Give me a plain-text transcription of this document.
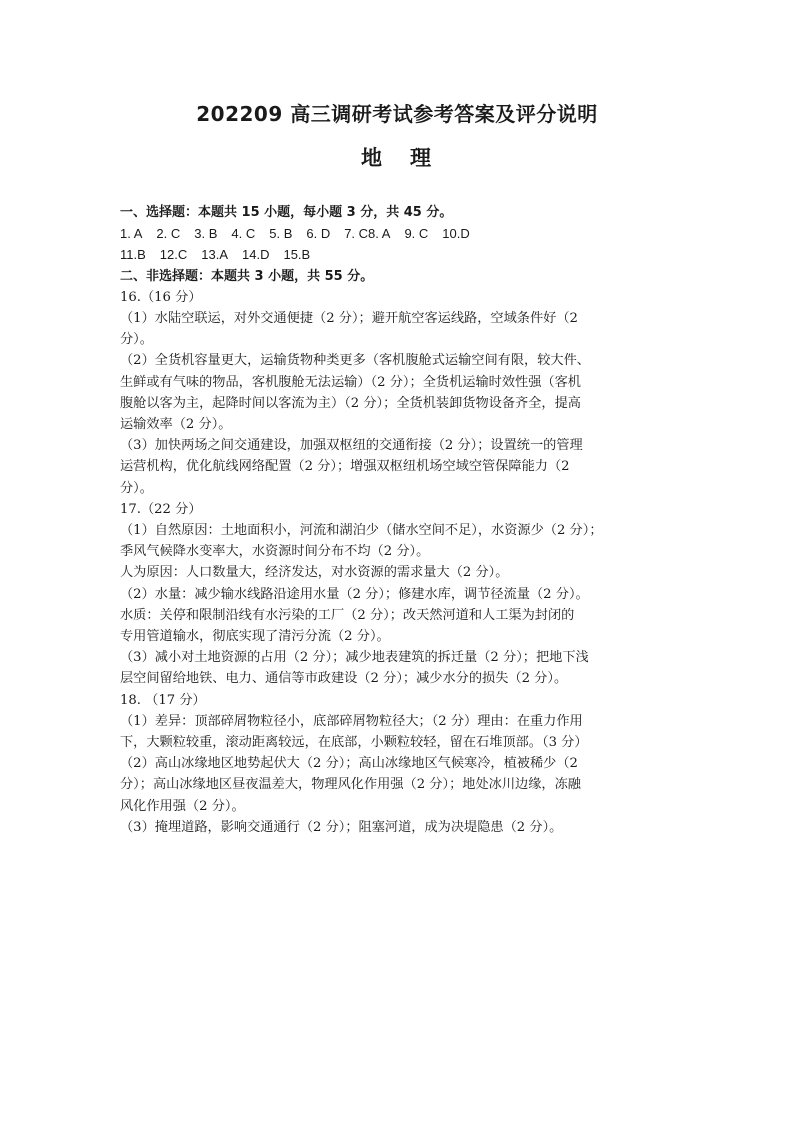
202209 高三调研考试参考答案及评分说明
地 理
一、选择题：本题共 15 小题，每小题 3 分，共 45 分。
1. A 2. C 3. B 4. C 5. B 6. D 7. C8. A 9. C 10.D
11.B 12.C 13.A 14.D 15.B
二、非选择题：本题共 3 小题，共 55 分。
16.（16 分）
（1）水陆空联运，对外交通便捷（2 分）；避开航空客运线路，空域条件好（2
分）。
（2）全货机容量更大，运输货物种类更多（客机腹舱式运输空间有限，较大件、
生鲜或有气味的物品，客机腹舱无法运输）（2 分）；全货机运输时效性强（客机
腹舱以客为主，起降时间以客流为主）（2 分）；全货机装卸货物设备齐全，提高
运输效率（2 分）。
（3）加快两场之间交通建设，加强双枢纽的交通衔接（2 分）；设置统一的管理
运营机构，优化航线网络配置（2 分）；增强双枢纽机场空域空管保障能力（2
分）。
17.（22 分）
（1）自然原因：土地面积小，河流和湖泊少（储水空间不足），水资源少（2 分）；
季风气候降水变率大，水资源时间分布不均（2 分）。
人为原因：人口数量大，经济发达，对水资源的需求量大（2 分）。
（2）水量：减少输水线路沿途用水量（2 分）；修建水库，调节径流量（2 分）。
水质：关停和限制沿线有水污染的工厂（2 分）；改天然河道和人工渠为封闭的
专用管道输水，彻底实现了清污分流（2 分）。
（3）减小对土地资源的占用（2 分）；减少地表建筑的拆迁量（2 分）；把地下浅
层空间留给地铁、电力、通信等市政建设（2 分）；减少水分的损失（2 分）。
18. （17 分）
（1）差异：顶部碎屑物粒径小，底部碎屑物粒径大；（2 分）理由：在重力作用
下，大颗粒较重，滚动距离较远，在底部，小颗粒较轻，留在石堆顶部。（3 分）
（2）高山冰缘地区地势起伏大（2 分）；高山冰缘地区气候寒冷，植被稀少（2
分）；高山冰缘地区昼夜温差大，物理风化作用强（2 分）；地处冰川边缘，冻融
风化作用强（2 分）。
（3）掩埋道路，影响交通通行（2 分）；阻塞河道，成为决堤隐患（2 分）。
